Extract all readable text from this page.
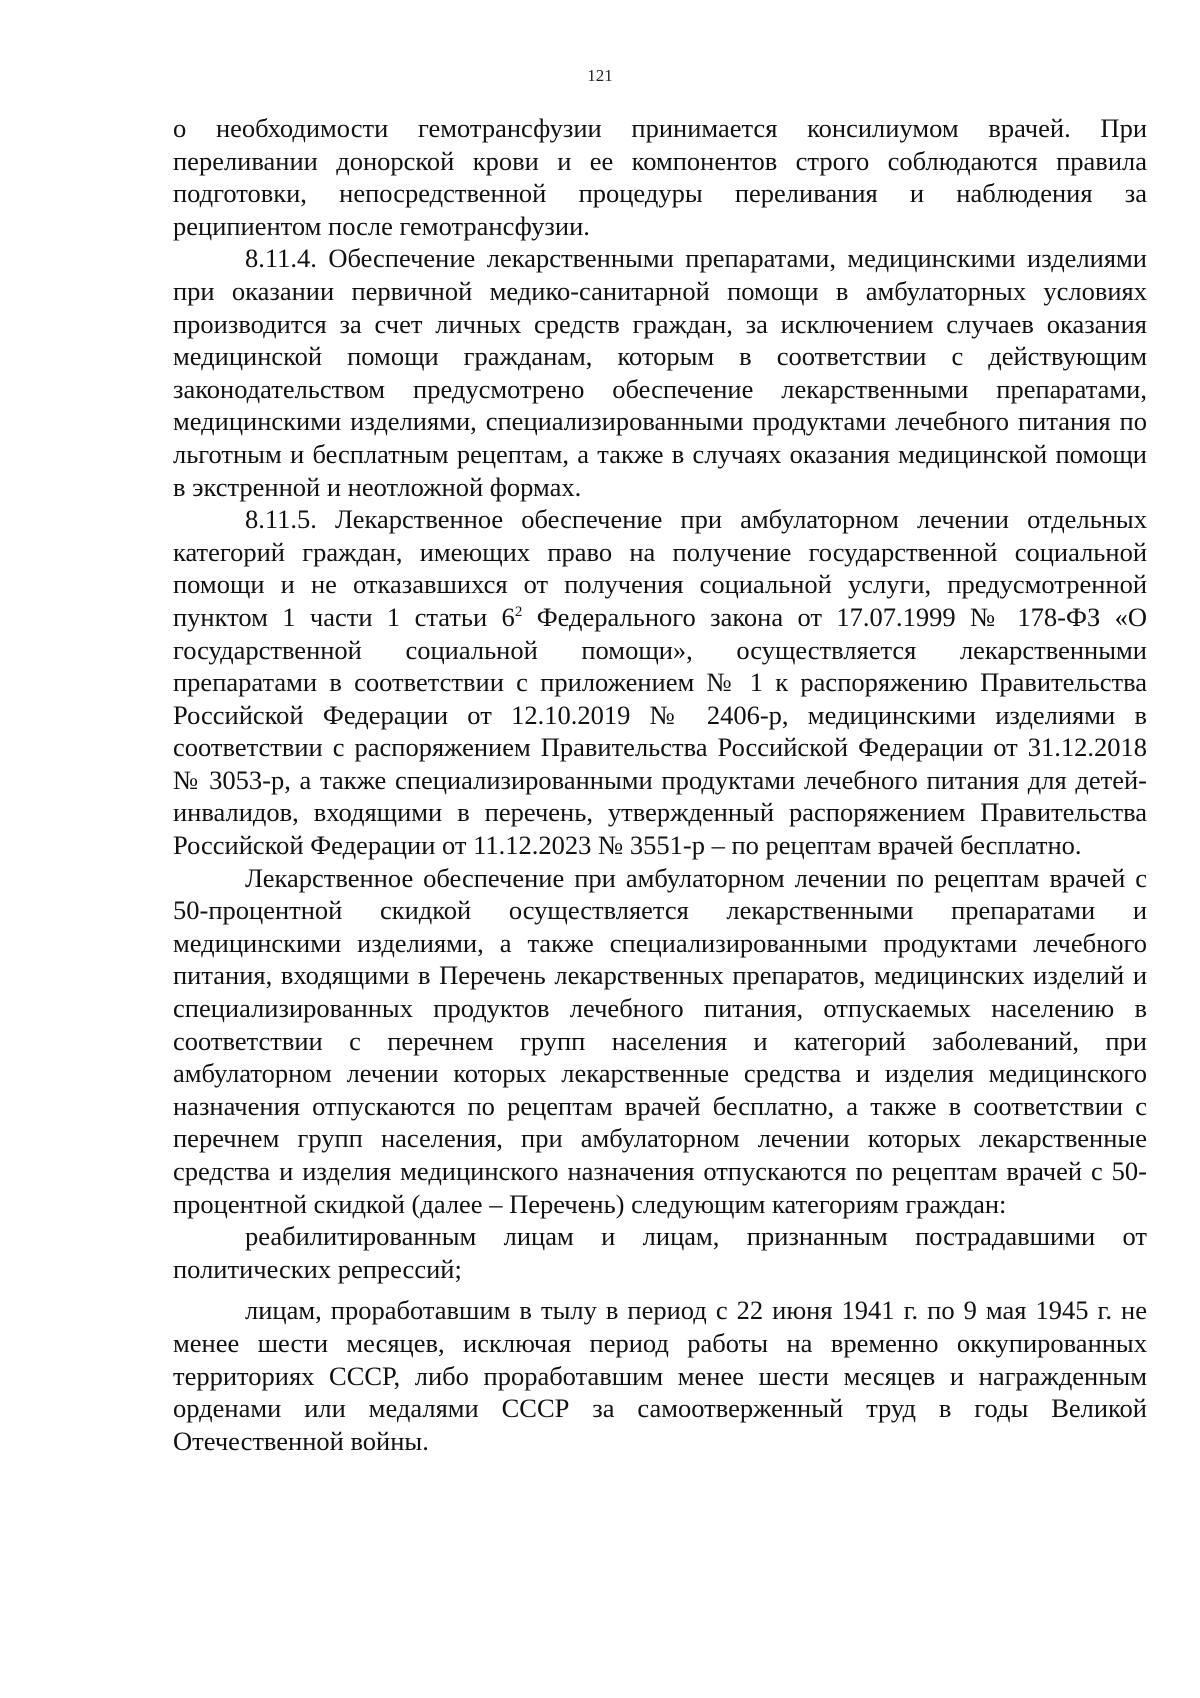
121

о необходимости гемотрансфузии принимается консилиумом врачей. При переливании донорской крови и ее компонентов строго соблюдаются правила подготовки, непосредственной процедуры переливания и наблюдения за реципиентом после гемотрансфузии.

8.11.4. Обеспечение лекарственными препаратами, медицинскими изделиями при оказании первичной медико-санитарной помощи в амбулаторных условиях производится за счет личных средств граждан, за исключением случаев оказания медицинской помощи гражданам, которым в соответствии с действующим законодательством предусмотрено обеспечение лекарственными препаратами, медицинскими изделиями, специализированными продуктами лечебного питания по льготным и бесплатным рецептам, а также в случаях оказания медицинской помощи в экстренной и неотложной формах.

8.11.5. Лекарственное обеспечение при амбулаторном лечении отдельных категорий граждан, имеющих право на получение государственной социальной помощи и не отказавшихся от получения социальной услуги, предусмотренной пунктом 1 части 1 статьи $6^2$ Федерального закона от 17.07.1999 № 178-ФЗ «О государственной социальной помощи», осуществляется лекарственными препаратами в соответствии с приложением № 1 к распоряжению Правительства Российской Федерации от 12.10.2019 № 2406-р, медицинскими изделиями в соответствии с распоряжением Правительства Российской Федерации от 31.12.2018 № 3053-р, а также специализированными продуктами лечебного питания для детей-инвалидов, входящими в перечень, утвержденный распоряжением Правительства Российской Федерации от 11.12.2023 № 3551-р – по рецептам врачей бесплатно.

Лекарственное обеспечение при амбулаторном лечении по рецептам врачей с 50-процентной скидкой осуществляется лекарственными препаратами и медицинскими изделиями, а также специализированными продуктами лечебного питания, входящими в Перечень лекарственных препаратов, медицинских изделий и специализированных продуктов лечебного питания, отпускаемых населению в соответствии с перечнем групп населения и категорий заболеваний, при амбулаторном лечении которых лекарственные средства и изделия медицинского назначения отпускаются по рецептам врачей бесплатно, а также в соответствии с перечнем групп населения, при амбулаторном лечении которых лекарственные средства и изделия медицинского назначения отпускаются по рецептам врачей с 50-процентной скидкой (далее – Перечень) следующим категориям граждан:

реабилитированным лицам и лицам, признанным пострадавшими от политических репрессий;

лицам, проработавшим в тылу в период с 22 июня 1941 г. по 9 мая 1945 г. не менее шести месяцев, исключая период работы на временно оккупированных территориях СССР, либо проработавшим менее шести месяцев и награжденным орденами или медалями СССР за самоотверженный труд в годы Великой Отечественной войны.
